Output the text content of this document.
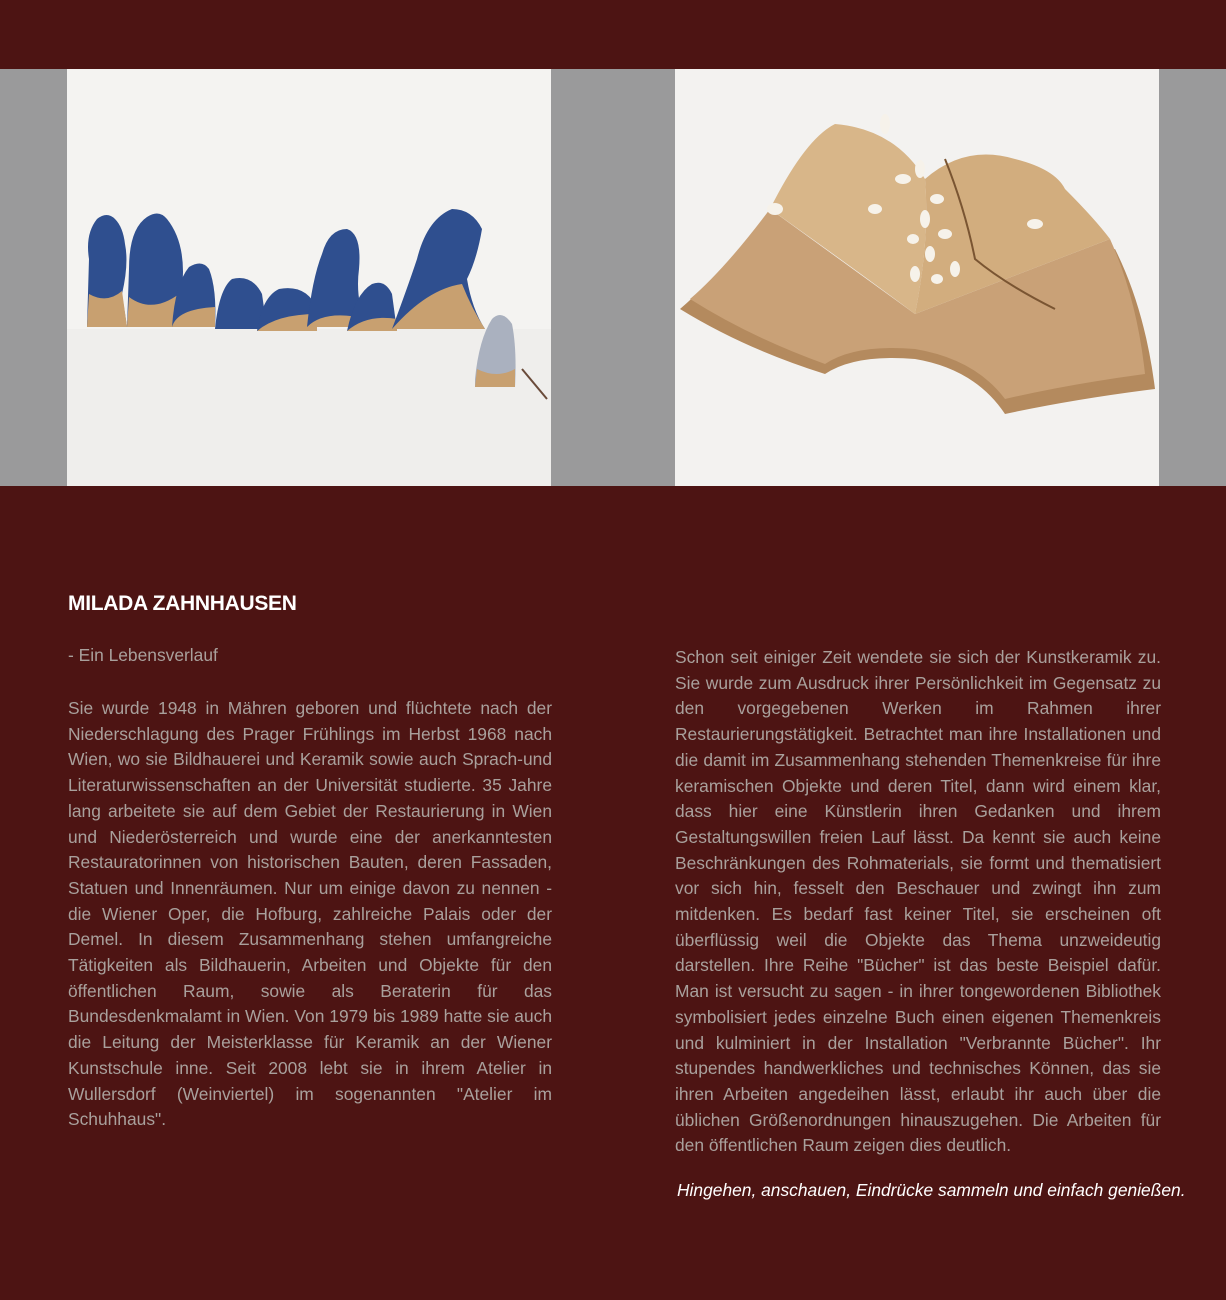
MILADA ZAHNHAUSEN

- Ein Lebensverlauf

Sie wurde 1948 in Mähren geboren und flüchtete nach der Niederschlagung des Prager Frühlings im Herbst 1968 nach Wien, wo sie Bildhauerei und Keramik sowie auch Sprach-und Literaturwissenschaften an der Universität studierte. 35 Jahre lang arbeitete sie auf dem Gebiet der Restaurierung in Wien und Niederösterreich und wurde eine der anerkanntesten Restauratorinnen von historischen Bauten, deren Fassaden, Statuen und Innenräumen. Nur um einige davon zu nennen - die Wiener Oper, die Hofburg, zahlreiche Palais oder der Demel. In diesem Zusammenhang stehen umfangreiche Tätigkeiten als Bildhauerin, Arbeiten und Objekte für den öffentlichen Raum, sowie als Beraterin für das Bundesdenkmalamt in Wien. Von 1979 bis 1989 hatte sie auch die Leitung der Meisterklasse für Keramik an der Wiener Kunstschule inne. Seit 2008 lebt sie in ihrem Atelier in Wullersdorf (Weinviertel) im sogenannten "Atelier im Schuhhaus".

Schon seit einiger Zeit wendete sie sich der Kunstkeramik zu. Sie wurde zum Ausdruck ihrer Persönlichkeit im Gegensatz zu den vorgegebenen Werken im Rahmen ihrer Restaurierungstätigkeit. Betrachtet man ihre Installationen und die damit im Zusammenhang stehenden Themenkreise für ihre keramischen Objekte und deren Titel, dann wird einem klar, dass hier eine Künstlerin ihren Gedanken und ihrem Gestaltungswillen freien Lauf lässt. Da kennt sie auch keine Beschränkungen des Rohmaterials, sie formt und thematisiert vor sich hin, fesselt den Beschauer und zwingt ihn zum mitdenken. Es bedarf fast keiner Titel, sie erscheinen oft überflüssig weil die Objekte das Thema unzweideutig darstellen. Ihre Reihe "Bücher" ist das beste Beispiel dafür. Man ist versucht zu sagen - in ihrer tongewordenen Bibliothek symbolisiert jedes einzelne Buch einen eigenen Themenkreis und kulminiert in der Installation "Verbrannte Bücher". Ihr stupendes handwerkliches und technisches Können, das sie ihren Arbeiten angedeihen lässt, erlaubt ihr auch über die üblichen Größenordnungen hinauszugehen. Die Arbeiten für den öffentlichen Raum zeigen dies deutlich.

Hingehen, anschauen, Eindrücke sammeln und einfach genießen.
